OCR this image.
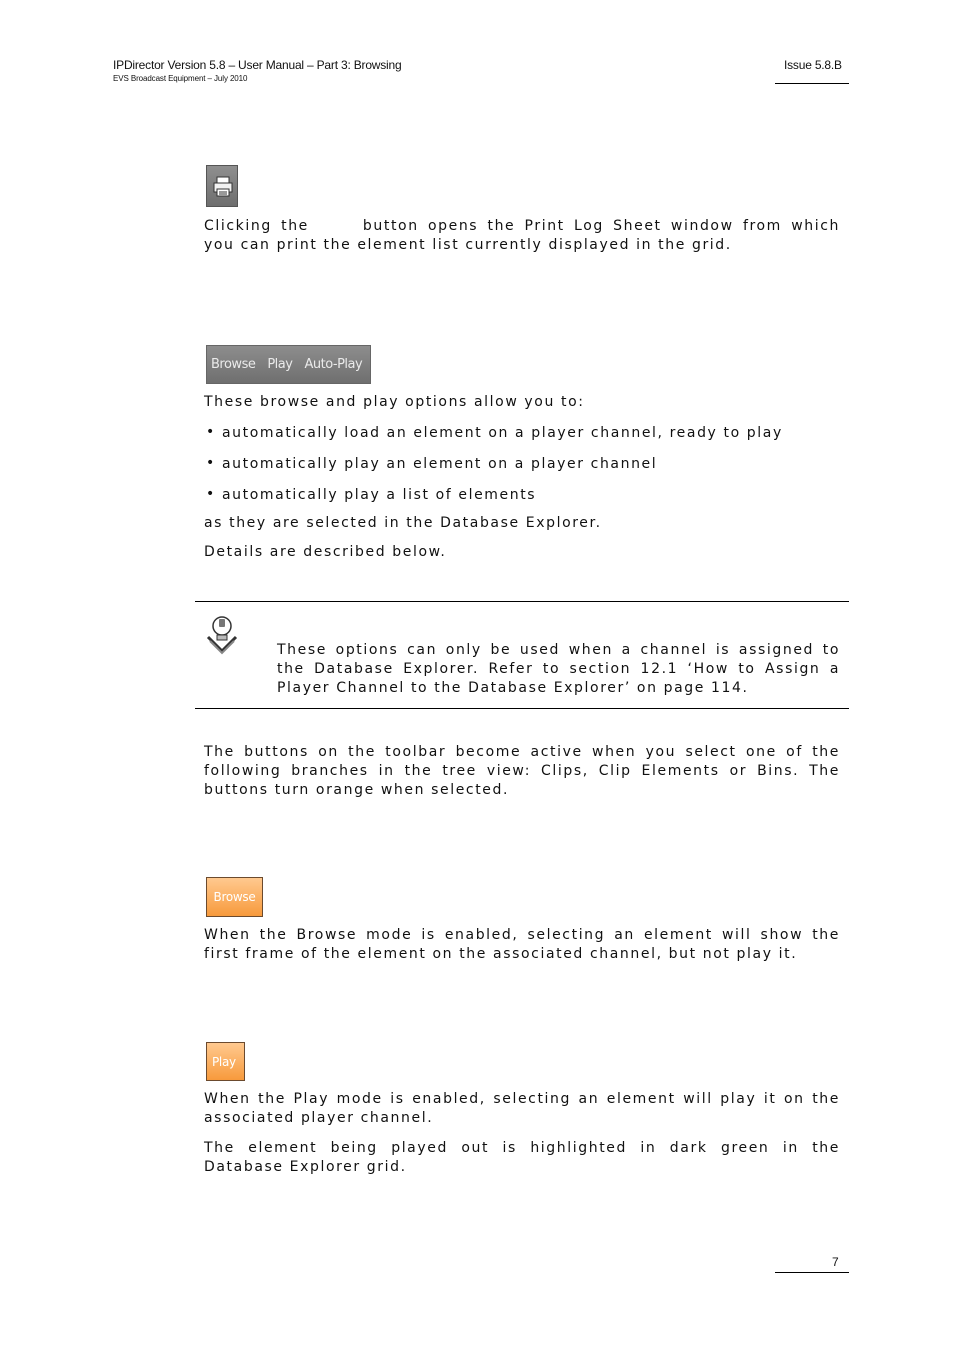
IPDirector Version 5.8 – User Manual – Part 3: Browsing
EVS Broadcast Equipment – July 2010
Issue 5.8.B
Clicking the	button opens the Print Log Sheet window from which you can print the element list currently displayed in the grid.
Browse Play Auto-Play
These browse and play options allow you to:
• automatically load an element on a player channel, ready to play
• automatically play an element on a player channel
• automatically play a list of elements
as they are selected in the Database Explorer.
Details are described below.
These options can only be used when a channel is assigned to the Database Explorer. Refer to section 12.1 ‘How to Assign a Player Channel to the Database Explorer’ on page 114.
The buttons on the toolbar become active when you select one of the following branches in the tree view: Clips, Clip Elements or Bins. The buttons turn orange when selected.
Browse
When the Browse mode is enabled, selecting an element will show the first frame of the element on the associated channel, but not play it.
Play
When the Play mode is enabled, selecting an element will play it on the associated player channel.
The element being played out is highlighted in dark green in the Database Explorer grid.
7
